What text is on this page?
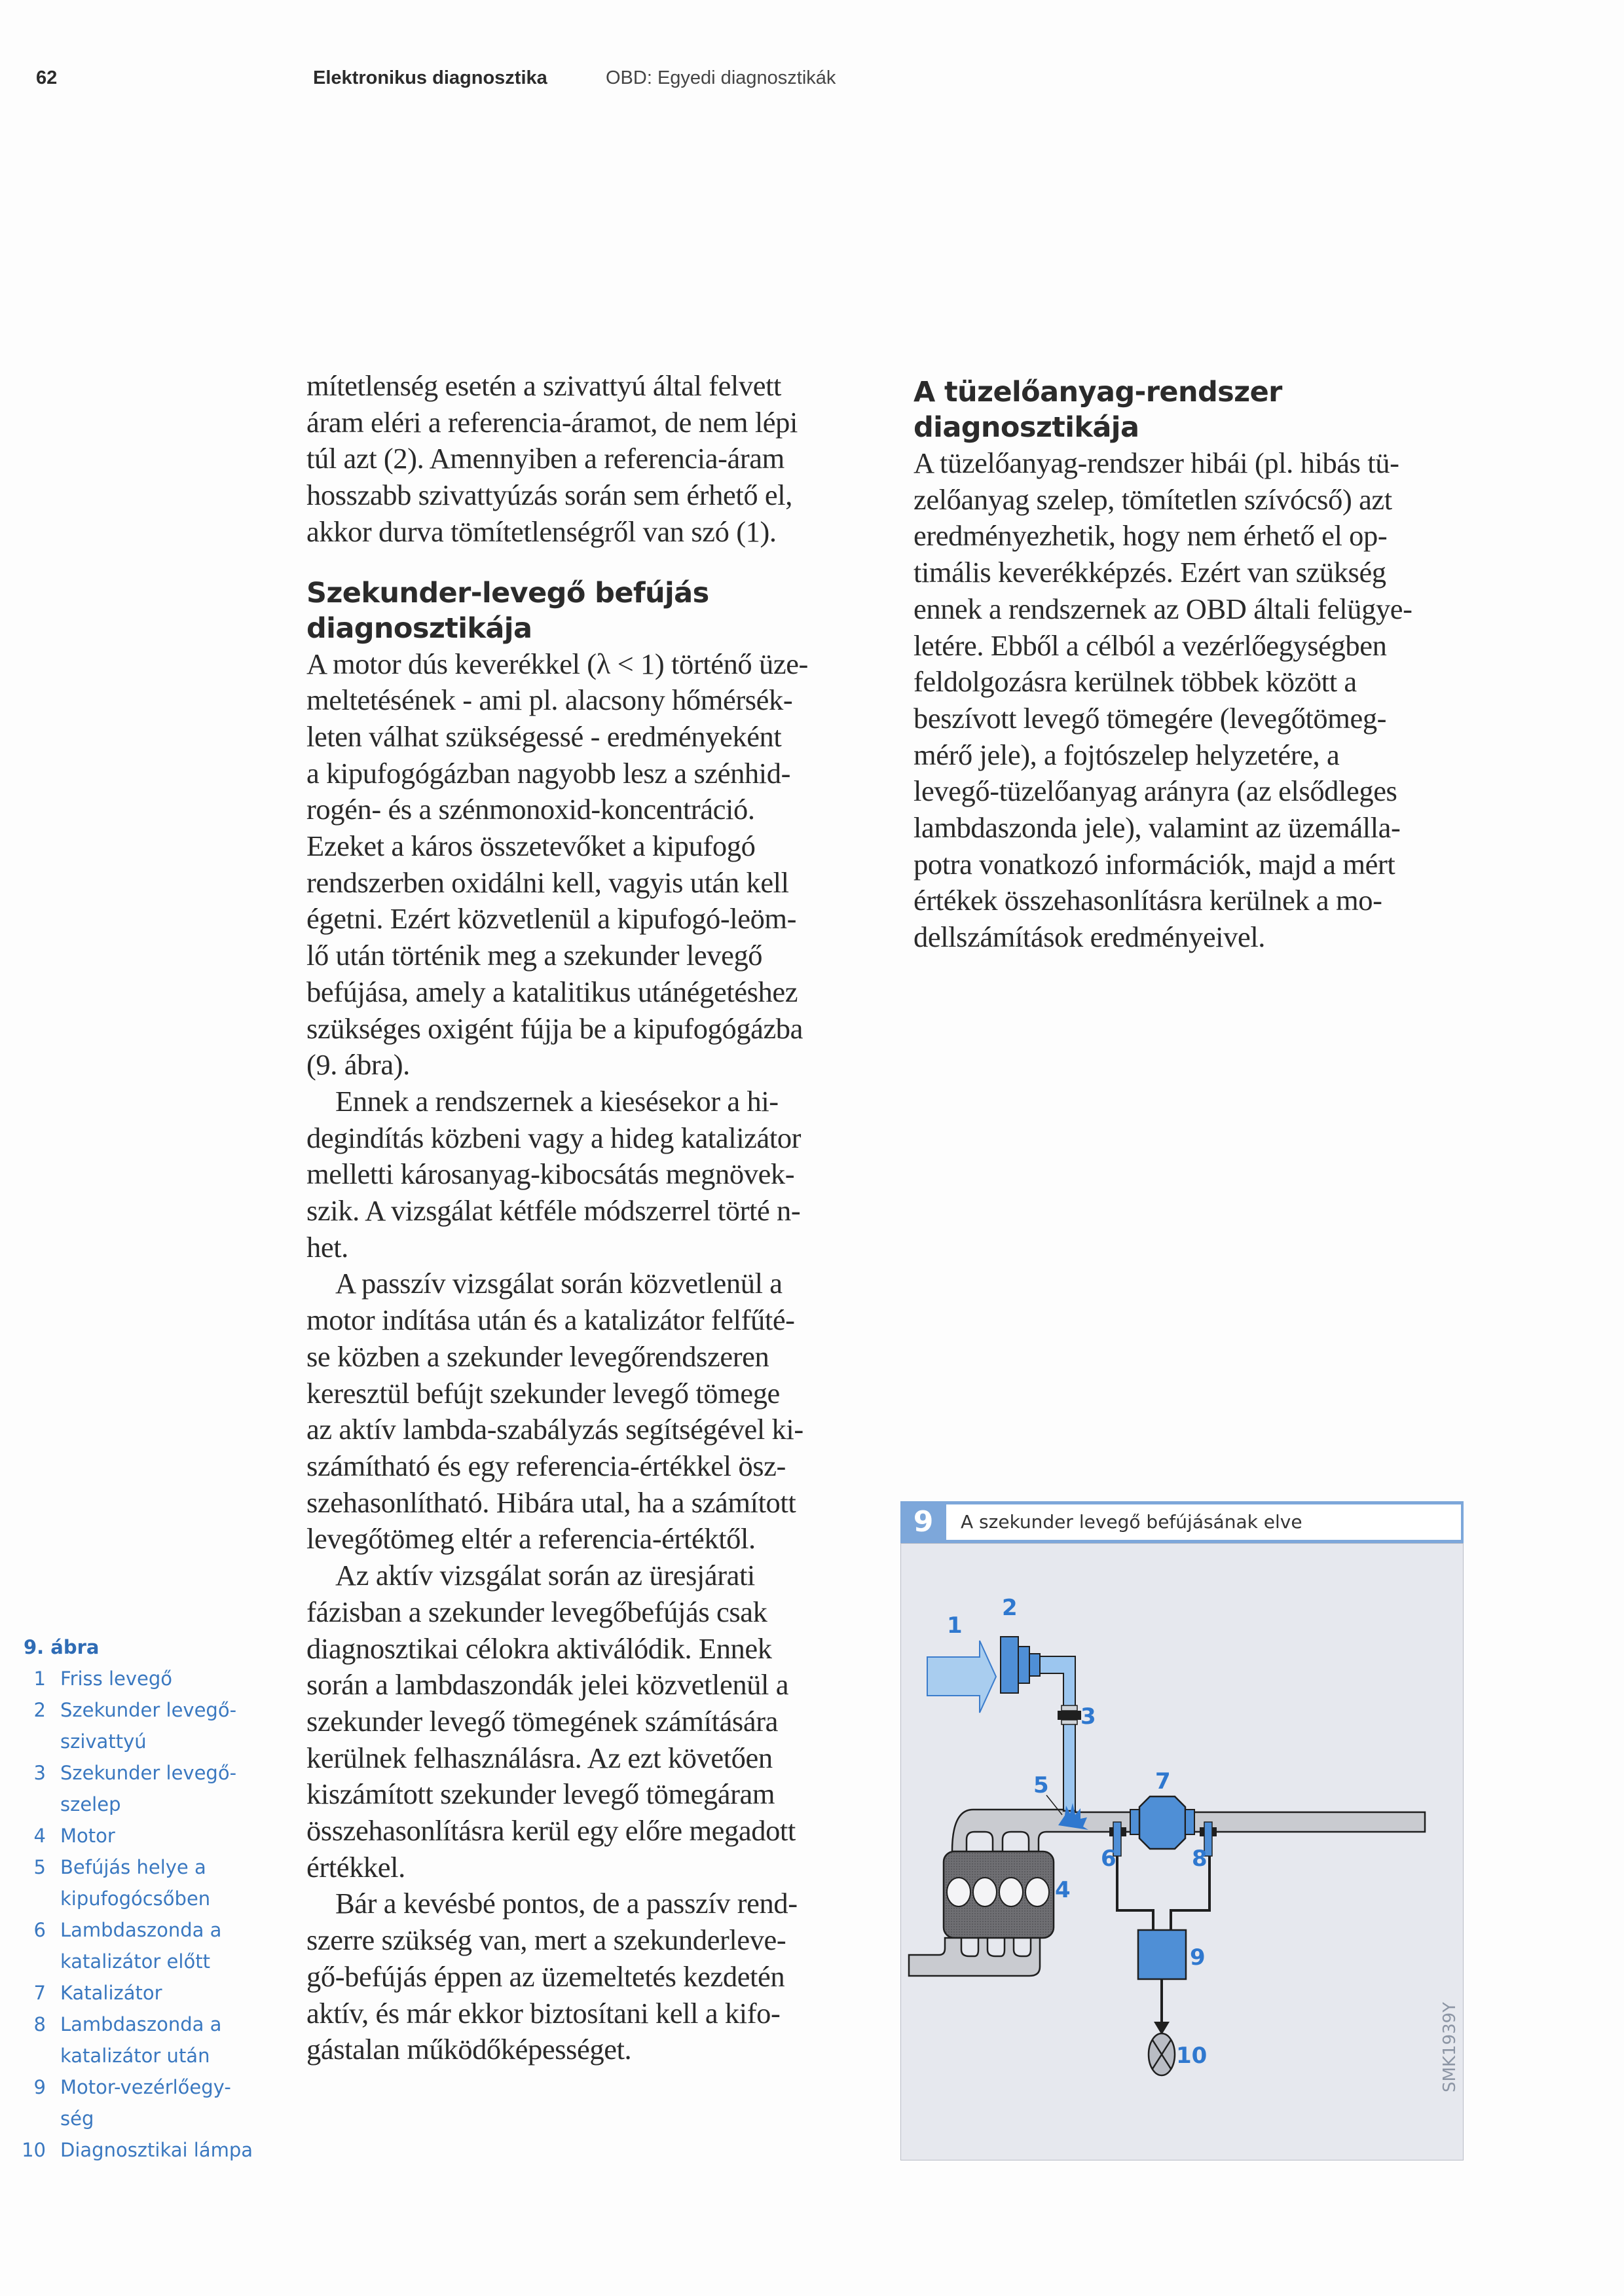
62	Elektronikus diagnosztika	OBD: Egyedi diagnosztikák

mítetlenség esetén a szivattyú által felvett
áram eléri a referencia-áramot, de nem lépi
túl azt (2). Amennyiben a referencia-áram
hosszabb szivattyúzás során sem érhető el,
akkor durva tömítetlenségről van szó (1).

Szekunder-levegő befújás
diagnosztikája

A motor dús keverékkel (λ < 1) történő üze-
meltetésének - ami pl. alacsony hőmérsék-
leten válhat szükségessé - eredményeként
a kipufogógázban nagyobb lesz a szénhid-
rogén- és a szénmonoxid-koncentráció.
Ezeket a káros összetevőket a kipufogó
rendszerben oxidálni kell, vagyis után kell
égetni. Ezért közvetlenül a kipufogó-leöm-
lő után történik meg a szekunder levegő
befújása, amely a katalitikus utánégetéshez
szükséges oxigént fújja be a kipufogógázba
(9. ábra).

Ennek a rendszernek a kiesésekor a hi-
degindítás közbeni vagy a hideg katalizátor
melletti károsanyag-kibocsátás megnövek-
szik. A vizsgálat kétféle módszerrel törté n-
het.

A passzív vizsgálat során közvetlenül a
motor indítása után és a katalizátor felfűté-
se közben a szekunder levegőrendszeren
keresztül befújt szekunder levegő tömege
az aktív lambda-szabályzás segítségével ki-
számítható és egy referencia-értékkel ösz-
szehasonlítható. Hibára utal, ha a számított
levegőtömeg eltér a referencia-értéktől.

Az aktív vizsgálat során az üresjárati
fázisban a szekunder levegőbefújás csak
diagnosztikai célokra aktiválódik. Ennek
során a lambdaszondák jelei közvetlenül a
szekunder levegő tömegének számítására
kerülnek felhasználásra. Az ezt követően
kiszámított szekunder levegő tömegáram
összehasonlításra kerül egy előre megadott
értékkel.

Bár a kevésbé pontos, de a passzív rend-
szerre szükség van, mert a szekunderleve-
gő-befújás éppen az üzemeltetés kezdetén
aktív, és már ekkor biztosítani kell a kifo-
gástalan működőképességet.

A tüzelőanyag-rendszer
diagnosztikája

A tüzelőanyag-rendszer hibái (pl. hibás tü-
zelőanyag szelep, tömítetlen szívócső) azt
eredményezhetik, hogy nem érhető el op-
timális keverékképzés. Ezért van szükség
ennek a rendszernek az OBD általi felügye-
letére. Ebből a célból a vezérlőegységben
feldolgozásra kerülnek többek között a
beszívott levegő tömegére (levegőtömeg-
mérő jele), a fojtószelep helyzetére, a
levegő-tüzelőanyag arányra (az elsődleges
lambdaszonda jele), valamint az üzemálla-
potra vonatkozó információk, majd a mért
értékek összehasonlításra kerülnek a mo-
dellszámítások eredményeivel.

9. ábra
1 Friss levegő
2 Szekunder levegő-
szivattyú
3 Szekunder levegő-
szelep
4 Motor
5 Befújás helye a
kipufogócsőben
6 Lambdaszonda a
katalizátor előtt
7 Katalizátor
8 Lambdaszonda a
katalizátor után
9 Motor-vezérlőegy-
ség
10 Diagnosztikai lámpa
9	A szekunder levegő befújásának elve
1
2
3
4
5
6
7
8
9
10	SMK1939Y
